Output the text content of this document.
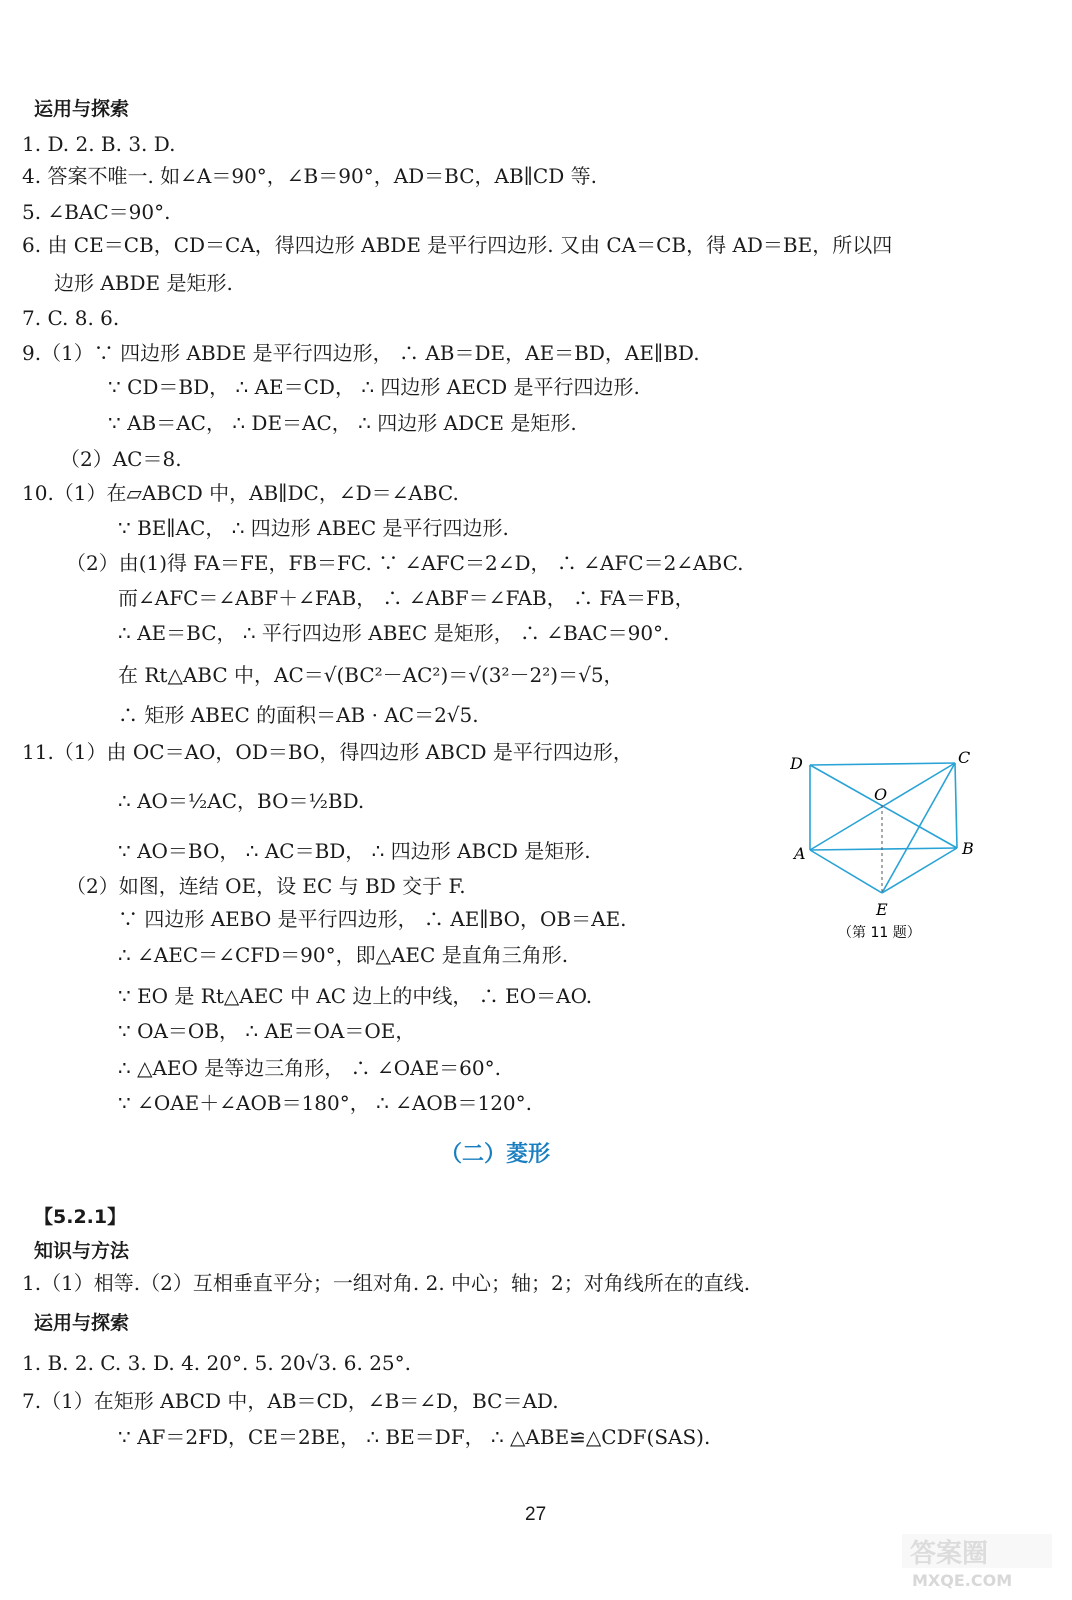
运用与探索
1. D. 2. B. 3. D.
4. 答案不唯一. 如∠A＝90°，∠B＝90°，AD＝BC，AB∥CD 等.
5. ∠BAC＝90°.
6. 由 CE＝CB，CD＝CA，得四边形 ABDE 是平行四边形. 又由 CA＝CB，得 AD＝BE，所以四
边形 ABDE 是矩形.
7. C. 8. 6.
9.（1）∵ 四边形 ABDE 是平行四边形， ∴ AB＝DE，AE＝BD，AE∥BD.
∵ CD＝BD， ∴ AE＝CD， ∴ 四边形 AECD 是平行四边形.
∵ AB＝AC， ∴ DE＝AC， ∴ 四边形 ADCE 是矩形.
（2）AC＝8.
10.（1）在▱ABCD 中，AB∥DC，∠D＝∠ABC.
∵ BE∥AC， ∴ 四边形 ABEC 是平行四边形.
（2）由(1)得 FA＝FE，FB＝FC. ∵ ∠AFC＝2∠D， ∴ ∠AFC＝2∠ABC.
而∠AFC＝∠ABF＋∠FAB， ∴ ∠ABF＝∠FAB， ∴ FA＝FB，
∴ AE＝BC， ∴ 平行四边形 ABEC 是矩形， ∴ ∠BAC＝90°.
在 Rt△ABC 中，AC＝√(BC²－AC²)＝√(3²－2²)＝√5，
∴ 矩形 ABEC 的面积＝AB · AC＝2√5.
11.（1）由 OC＝AO，OD＝BO，得四边形 ABCD 是平行四边形，
∴ AO＝½AC，BO＝½BD.
∵ AO＝BO， ∴ AC＝BD， ∴ 四边形 ABCD 是矩形.
（2）如图，连结 OE，设 EC 与 BD 交于 F.
∵ 四边形 AEBO 是平行四边形， ∴ AE∥BO，OB＝AE.
∴ ∠AEC＝∠CFD＝90°，即△AEC 是直角三角形.
∵ EO 是 Rt△AEC 中 AC 边上的中线， ∴ EO＝AO.
∵ OA＝OB， ∴ AE＝OA＝OE，
∴ △AEO 是等边三角形， ∴ ∠OAE＝60°.
∵ ∠OAE＋∠AOB＝180°， ∴ ∠AOB＝120°.
（二）菱形
【5.2.1】
知识与方法
1.（1）相等.（2）互相垂直平分；一组对角. 2. 中心；轴；2；对角线所在的直线.
运用与探索
1. B. 2. C. 3. D. 4. 20°. 5. 20√3. 6. 25°.
7.（1）在矩形 ABCD 中，AB＝CD，∠B＝∠D，BC＝AD.
∵ AF＝2FD，CE＝2BE， ∴ BE＝DF， ∴ △ABE≌△CDF(SAS).
D	C
O
A	B
E
（第 11 题）
27
答案圈
MXQE.COM
